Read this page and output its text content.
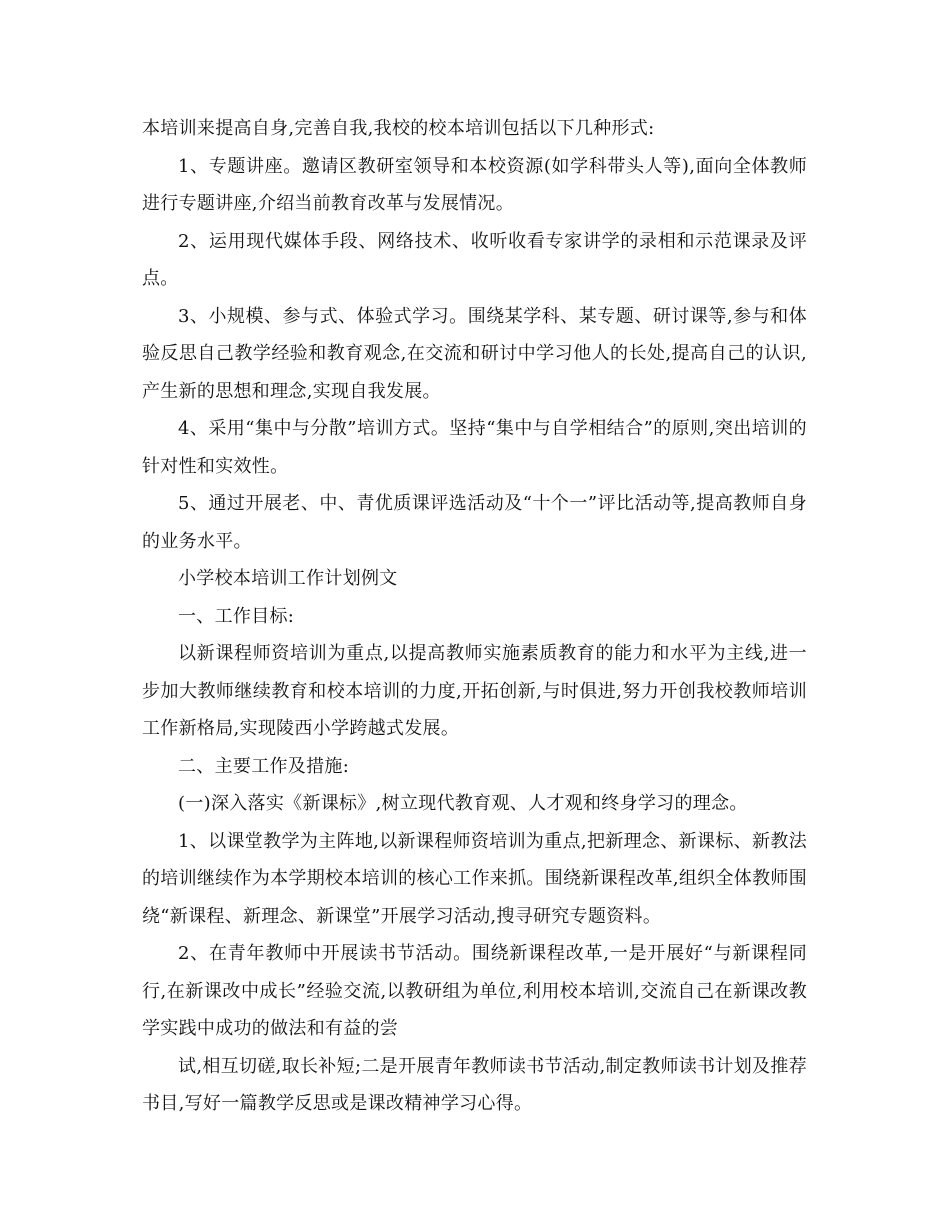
本培训来提高自身,完善自我,我校的校本培训包括以下几种形式:

1、专题讲座。邀请区教研室领导和本校资源(如学科带头人等),面向全体教师进行专题讲座,介绍当前教育改革与发展情况。

2、运用现代媒体手段、网络技术、收听收看专家讲学的录相和示范课录及评点。

3、小规模、参与式、体验式学习。围绕某学科、某专题、研讨课等,参与和体验反思自己教学经验和教育观念,在交流和研讨中学习他人的长处,提高自己的认识,产生新的思想和理念,实现自我发展。

4、采用“集中与分散”培训方式。坚持“集中与自学相结合”的原则,突出培训的针对性和实效性。

5、通过开展老、中、青优质课评选活动及“十个一”评比活动等,提高教师自身的业务水平。

小学校本培训工作计划例文

一、工作目标:

以新课程师资培训为重点,以提高教师实施素质教育的能力和水平为主线,进一步加大教师继续教育和校本培训的力度,开拓创新,与时俱进,努力开创我校教师培训工作新格局,实现陵西小学跨越式发展。

二、主要工作及措施:

(一)深入落实《新课标》,树立现代教育观、人才观和终身学习的理念。

1、以课堂教学为主阵地,以新课程师资培训为重点,把新理念、新课标、新教法的培训继续作为本学期校本培训的核心工作来抓。围绕新课程改革,组织全体教师围绕“新课程、新理念、新课堂”开展学习活动,搜寻研究专题资料。

2、在青年教师中开展读书节活动。围绕新课程改革,一是开展好“与新课程同行,在新课改中成长”经验交流,以教研组为单位,利用校本培训,交流自己在新课改教学实践中成功的做法和有益的尝

试,相互切磋,取长补短;二是开展青年教师读书节活动,制定教师读书计划及推荐书目,写好一篇教学反思或是课改精神学习心得。
